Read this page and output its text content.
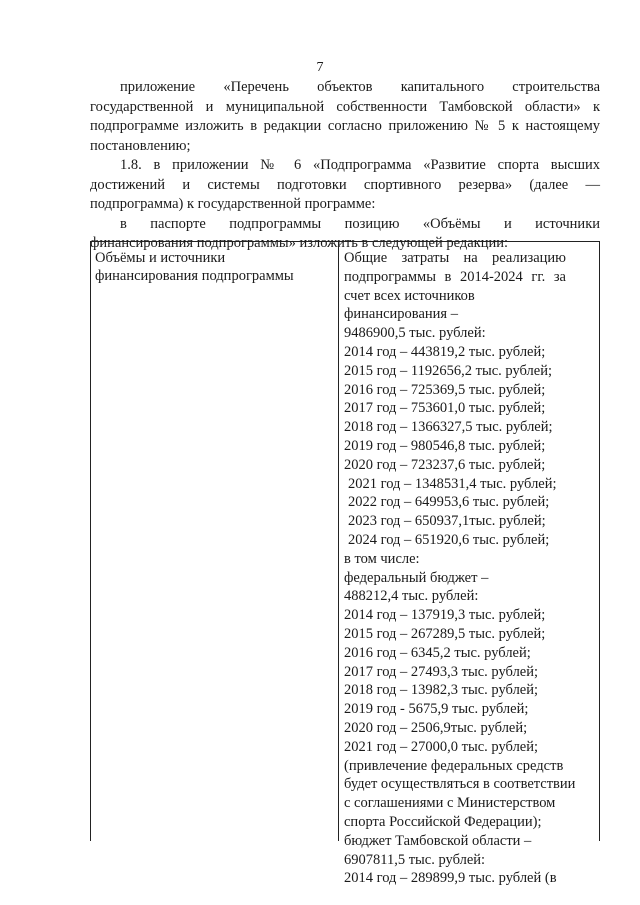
7
приложение «Перечень объектов капитального строительства
государственной и муниципальной собственности Тамбовской области» к
подпрограмме изложить в редакции согласно приложению № 5 к настоящему
постановлению;
1.8. в приложении № 6 «Подпрограмма «Развитие спорта высших
достижений и системы подготовки спортивного резерва» (далее —
подпрограмма) к государственной программе:
в паспорте подпрограммы позицию «Объёмы и источники
финансирования подпрограммы» изложить в следующей редакции:
Объёмы и источники
финансирования подпрограммы
Общие затраты на реализацию
подпрограммы в 2014-2024 гг. за
счет всех источников
финансирования –
9486900,5 тыс. рублей:
2014 год – 443819,2 тыс. рублей;
2015 год – 1192656,2 тыс. рублей;
2016 год – 725369,5 тыс. рублей;
2017 год – 753601,0 тыс. рублей;
2018 год – 1366327,5 тыс. рублей;
2019 год – 980546,8 тыс. рублей;
2020 год – 723237,6 тыс. рублей;
2021 год – 1348531,4 тыс. рублей;
2022 год – 649953,6 тыс. рублей;
2023 год – 650937,1тыс. рублей;
2024 год – 651920,6 тыс. рублей;
в том числе:
федеральный бюджет –
488212,4 тыс. рублей:
2014 год – 137919,3 тыс. рублей;
2015 год – 267289,5 тыс. рублей;
2016 год – 6345,2 тыс. рублей;
2017 год – 27493,3 тыс. рублей;
2018 год – 13982,3 тыс. рублей;
2019 год - 5675,9 тыс. рублей;
2020 год – 2506,9тыс. рублей;
2021 год – 27000,0 тыс. рублей;
(привлечение федеральных средств
будет осуществляться в соответствии
с соглашениями с Министерством
спорта Российской Федерации);
бюджет Тамбовской области –
6907811,5 тыс. рублей:
2014 год – 289899,9 тыс. рублей (в
